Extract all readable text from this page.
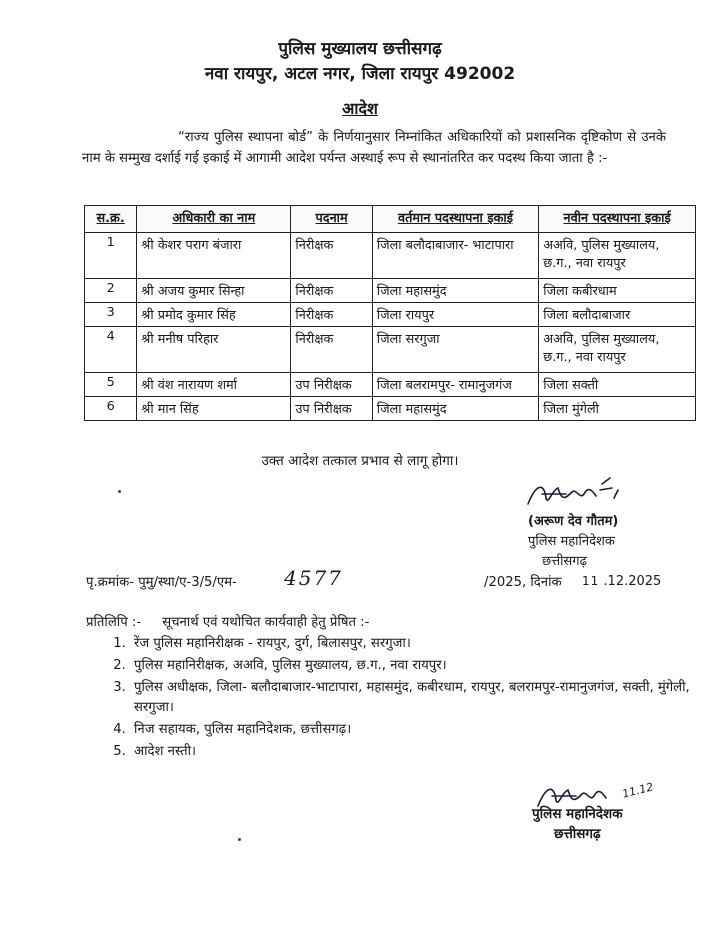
पुलिस मुख्यालय छत्तीसगढ़
नवा रायपुर, अटल नगर, जिला रायपुर 492002
आदेश
“राज्य पुलिस स्थापना बोर्ड” के निर्णयानुसार निम्नांकित अधिकारियों को प्रशासनिक दृष्टिकोण से उनके नाम के सम्मुख दर्शाई गई इकाई में आगामी आदेश पर्यन्त अस्थाई रूप से स्थानांतरित कर पदस्थ किया जाता है :-
स.क्र.	अधिकारी का नाम	पदनाम	वर्तमान पदस्थापना इकाई	नवीन पदस्थापना इकाई
1	श्री केशर पराग बंजारा	निरीक्षक	जिला बलौदाबाजार- भाटापारा	अअवि, पुलिस मुख्यालय,
छ.ग., नवा रायपुर

2	श्री अजय कुमार सिन्हा	निरीक्षक	जिला महासमुंद	जिला कबीरधाम

3	श्री प्रमोद कुमार सिंह	निरीक्षक	जिला रायपुर	जिला बलौदाबाजार

4	श्री मनीष परिहार	निरीक्षक	जिला सरगुजा	अअवि, पुलिस मुख्यालय,
छ.ग., नवा रायपुर

5	श्री वंश नारायण शर्मा	उप निरीक्षक	जिला बलरामपुर- रामानुजगंज	जिला सक्ती

6	श्री मान सिंह	उप निरीक्षक	जिला महासमुंद	जिला मुंगेली
उक्त आदेश तत्काल प्रभाव से लागू होगा।
(अरूण देव गौतम)
पुलिस महानिदेशक
छत्तीसगढ़
पृ.क्रमांक- पुमु/स्था/ए-3/5/एम- 4577	/2025, दिनांक 11 .12.2025
प्रतिलिपि :- सूचनार्थ एवं यथोचित कार्यवाही हेतु प्रेषित :-
1. रेंज पुलिस महानिरीक्षक - रायपुर, दुर्ग, बिलासपुर, सरगुजा।
2. पुलिस महानिरीक्षक, अअवि, पुलिस मुख्यालय, छ.ग., नवा रायपुर।
3. पुलिस अधीक्षक, जिला- बलौदाबाजार-भाटापारा, महासमुंद, कबीरधाम, रायपुर, बलरामपुर-रामानुजगंज, सक्ती, मुंगेली, सरगुजा।
4. निज सहायक, पुलिस महानिदेशक, छत्तीसगढ़।
5. आदेश नस्ती।
11.12
पुलिस महानिदेशक
छत्तीसगढ़
